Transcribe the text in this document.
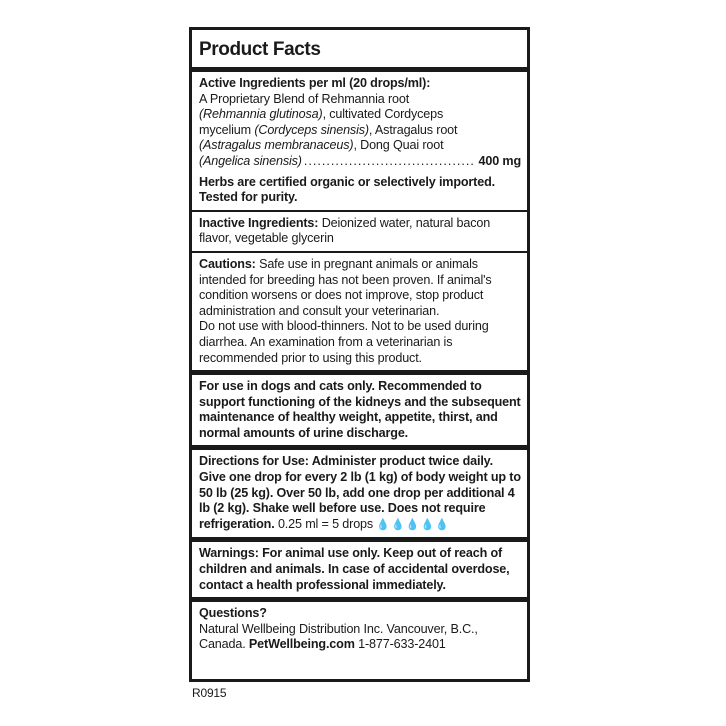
Product Facts
Active Ingredients per ml (20 drops/ml):
A Proprietary Blend of Rehmannia root
(Rehmannia glutinosa), cultivated Cordyceps
mycelium (Cordyceps sinensis), Astragalus root
(Astragalus membranaceus), Dong Quai root
(Angelica sinensis) ...................................... 400 mg
Herbs are certified organic or selectively imported. Tested for purity.
Inactive Ingredients: Deionized water, natural bacon flavor, vegetable glycerin
Cautions: Safe use in pregnant animals or animals intended for breeding has not been proven. If animal's condition worsens or does not improve, stop product administration and consult your veterinarian.
Do not use with blood-thinners. Not to be used during diarrhea. An examination from a veterinarian is recommended prior to using this product.
For use in dogs and cats only. Recommended to support functioning of the kidneys and the subsequent maintenance of healthy weight, appetite, thirst, and normal amounts of urine discharge.
Directions for Use: Administer product twice daily. Give one drop for every 2 lb (1 kg) of body weight up to 50 lb (25 kg). Over 50 lb, add one drop per additional 4 lb (2 kg). Shake well before use. Does not require refrigeration. 0.25 ml = 5 drops 💧💧💧💧💧
Warnings: For animal use only. Keep out of reach of children and animals. In case of accidental overdose, contact a health professional immediately.
Questions?
Natural Wellbeing Distribution Inc. Vancouver, B.C.,
Canada. PetWellbeing.com 1-877-633-2401
R0915
